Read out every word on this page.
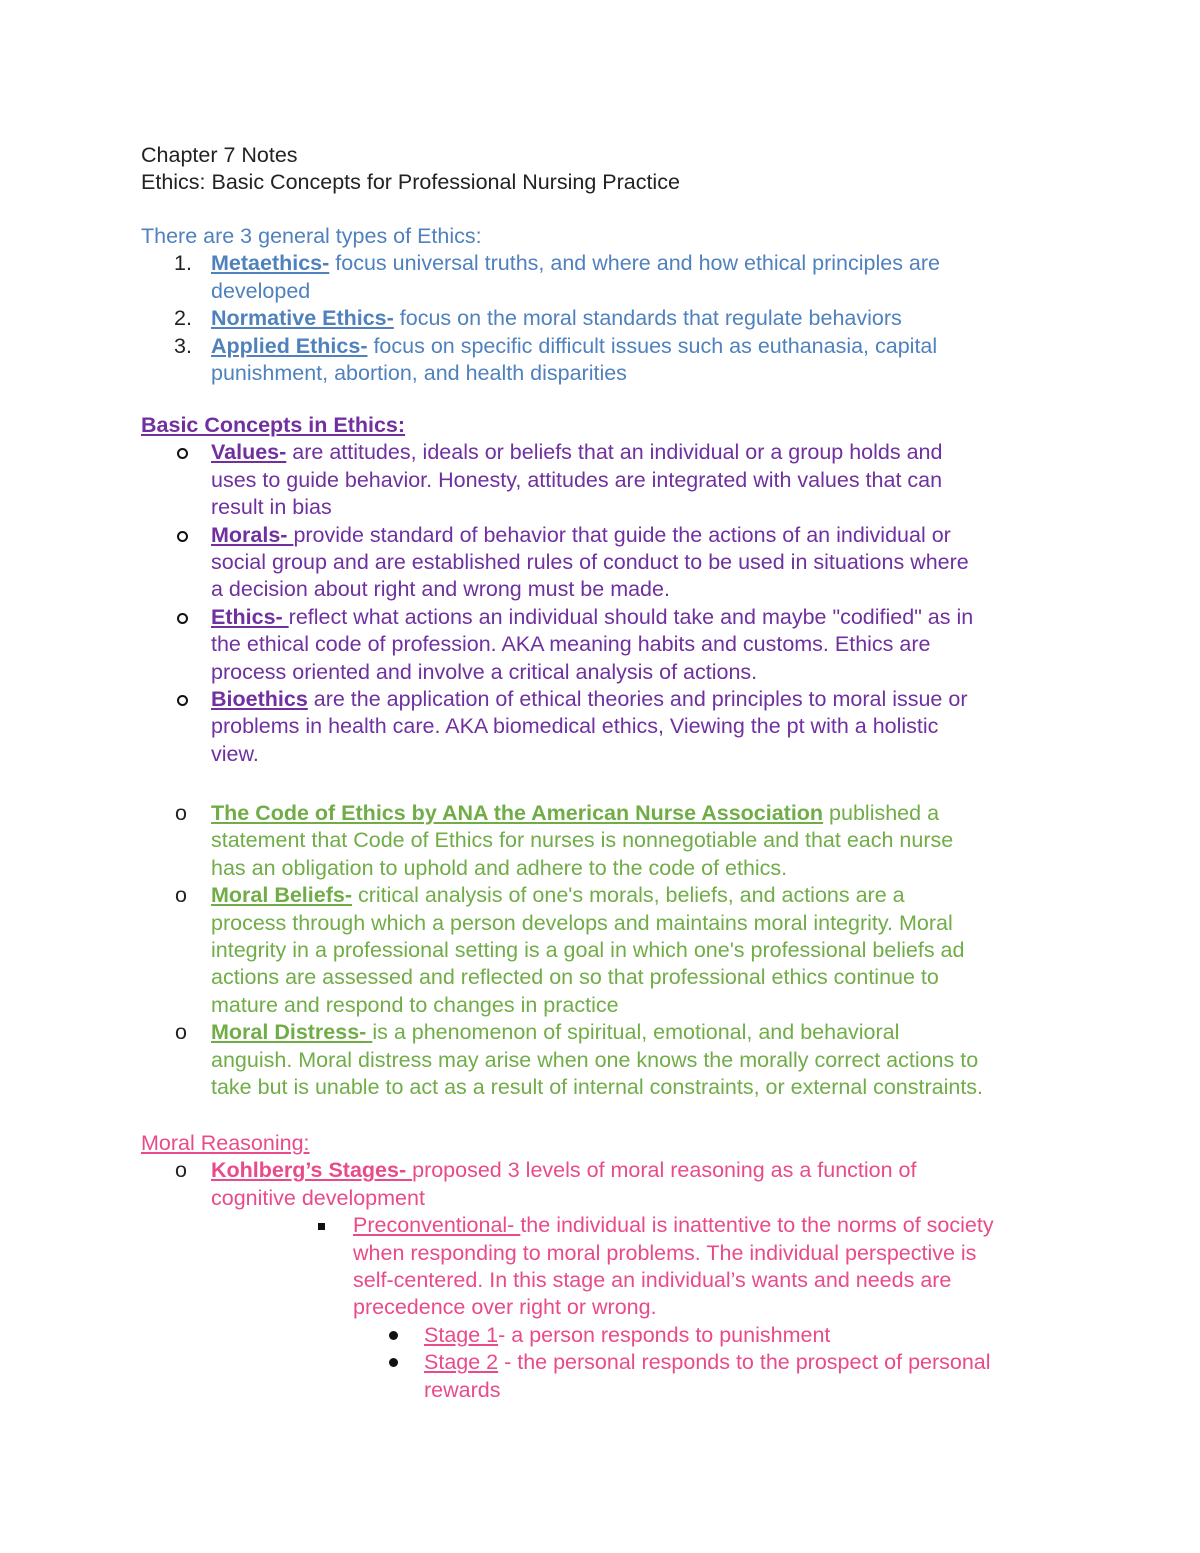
Chapter 7 Notes
Ethics: Basic Concepts for Professional Nursing Practice
There are 3 general types of Ethics:
1. Metaethics- focus universal truths, and where and how ethical principles are
developed
2. Normative Ethics- focus on the moral standards that regulate behaviors
3. Applied Ethics- focus on specific difficult issues such as euthanasia, capital
punishment, abortion, and health disparities
Basic Concepts in Ethics:
Values- are attitudes, ideals or beliefs that an individual or a group holds and
uses to guide behavior. Honesty, attitudes are integrated with values that can
result in bias
Morals- provide standard of behavior that guide the actions of an individual or
social group and are established rules of conduct to be used in situations where
a decision about right and wrong must be made.
Ethics- reflect what actions an individual should take and maybe "codified" as in
the ethical code of profession. AKA meaning habits and customs. Ethics are
process oriented and involve a critical analysis of actions.
Bioethics are the application of ethical theories and principles to moral issue or
problems in health care. AKA biomedical ethics, Viewing the pt with a holistic
view.
o The Code of Ethics by ANA the American Nurse Association published a
statement that Code of Ethics for nurses is nonnegotiable and that each nurse
has an obligation to uphold and adhere to the code of ethics.
o Moral Beliefs- critical analysis of one's morals, beliefs, and actions are a
process through which a person develops and maintains moral integrity. Moral
integrity in a professional setting is a goal in which one's professional beliefs ad
actions are assessed and reflected on so that professional ethics continue to
mature and respond to changes in practice
o Moral Distress- is a phenomenon of spiritual, emotional, and behavioral
anguish. Moral distress may arise when one knows the morally correct actions to
take but is unable to act as a result of internal constraints, or external constraints.
Moral Reasoning:
o Kohlberg’s Stages- proposed 3 levels of moral reasoning as a function of
cognitive development
Preconventional- the individual is inattentive to the norms of society
when responding to moral problems. The individual perspective is
self-centered. In this stage an individual’s wants and needs are
precedence over right or wrong.
Stage 1- a person responds to punishment
Stage 2 - the personal responds to the prospect of personal
rewards
